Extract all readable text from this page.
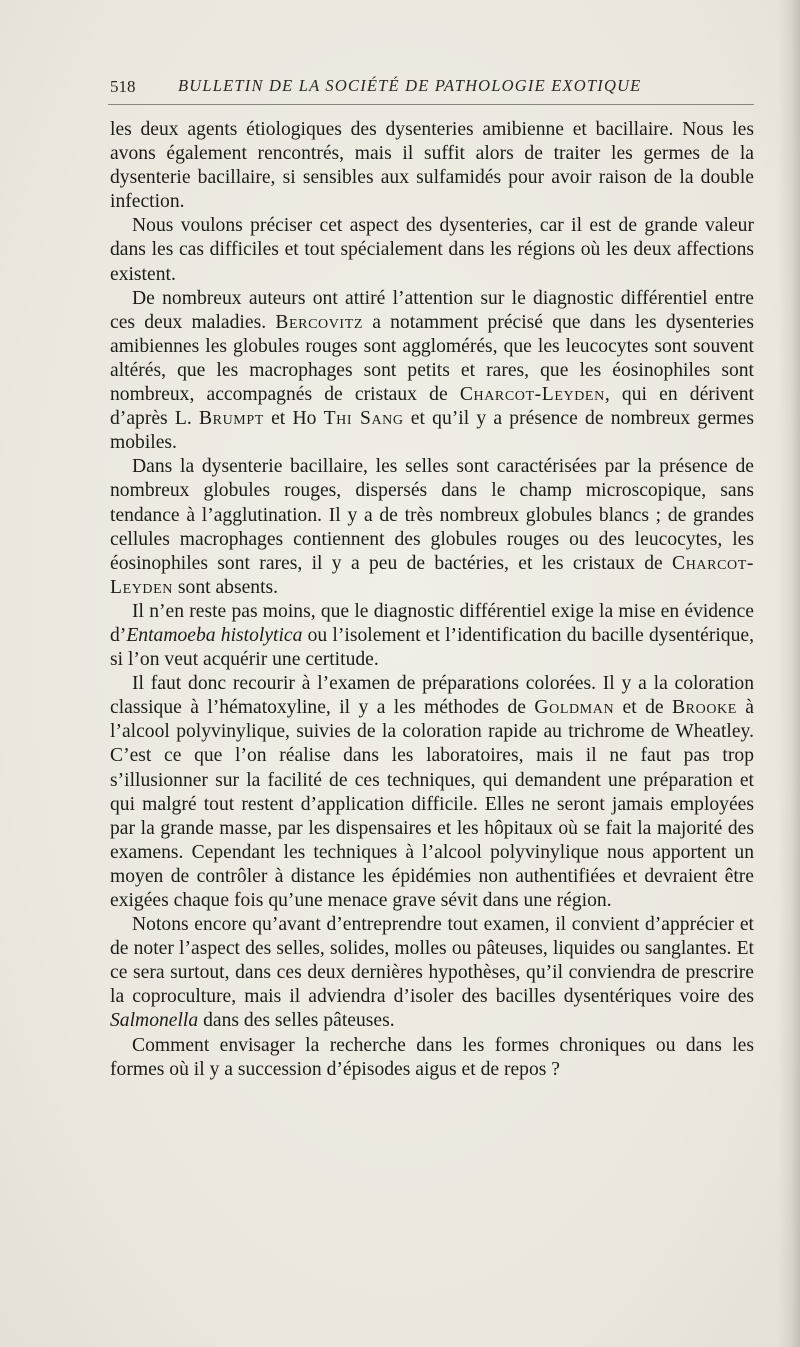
518	BULLETIN DE LA SOCIÉTÉ DE PATHOLOGIE EXOTIQUE

les deux agents étiologiques des dysenteries amibienne et bacillaire. Nous les avons également rencontrés, mais il suffit alors de traiter les germes de la dysenterie bacillaire, si sensibles aux sulfamidés pour avoir raison de la double infection.

Nous voulons préciser cet aspect des dysenteries, car il est de grande valeur dans les cas difficiles et tout spécialement dans les régions où les deux affections existent.

De nombreux auteurs ont attiré l’attention sur le diagnostic différentiel entre ces deux maladies. Bercovitz a notamment précisé que dans les dysenteries amibiennes les globules rouges sont agglomérés, que les leucocytes sont souvent altérés, que les macrophages sont petits et rares, que les éosinophiles sont nombreux, accompagnés de cristaux de Charcot-Leyden, qui en dérivent d’après L. Brumpt et Ho Thi Sang et qu’il y a présence de nombreux germes mobiles.

Dans la dysenterie bacillaire, les selles sont caractérisées par la présence de nombreux globules rouges, dispersés dans le champ microscopique, sans tendance à l’agglutination. Il y a de très nombreux globules blancs ; de grandes cellules macrophages contiennent des globules rouges ou des leucocytes, les éosinophiles sont rares, il y a peu de bactéries, et les cristaux de Charcot-Leyden sont absents.

Il n’en reste pas moins, que le diagnostic différentiel exige la mise en évidence d’Entamoeba histolytica ou l’isolement et l’identification du bacille dysentérique, si l’on veut acquérir une certitude.

Il faut donc recourir à l’examen de préparations colorées. Il y a la coloration classique à l’hématoxyline, il y a les méthodes de Goldman et de Brooke à l’alcool polyvinylique, suivies de la coloration rapide au trichrome de Wheatley. C’est ce que l’on réalise dans les laboratoires, mais il ne faut pas trop s’illusionner sur la facilité de ces techniques, qui demandent une préparation et qui malgré tout restent d’application difficile. Elles ne seront jamais employées par la grande masse, par les dispensaires et les hôpitaux où se fait la majorité des examens. Cependant les techniques à l’alcool polyvinylique nous apportent un moyen de contrôler à distance les épidémies non authentifiées et devraient être exigées chaque fois qu’une menace grave sévit dans une région.

Notons encore qu’avant d’entreprendre tout examen, il convient d’apprécier et de noter l’aspect des selles, solides, molles ou pâteuses, liquides ou sanglantes. Et ce sera surtout, dans ces deux dernières hypothèses, qu’il conviendra de prescrire la coproculture, mais il adviendra d’isoler des bacilles dysentériques voire des Salmonella dans des selles pâteuses.

Comment envisager la recherche dans les formes chroniques ou dans les formes où il y a succession d’épisodes aigus et de repos ?
